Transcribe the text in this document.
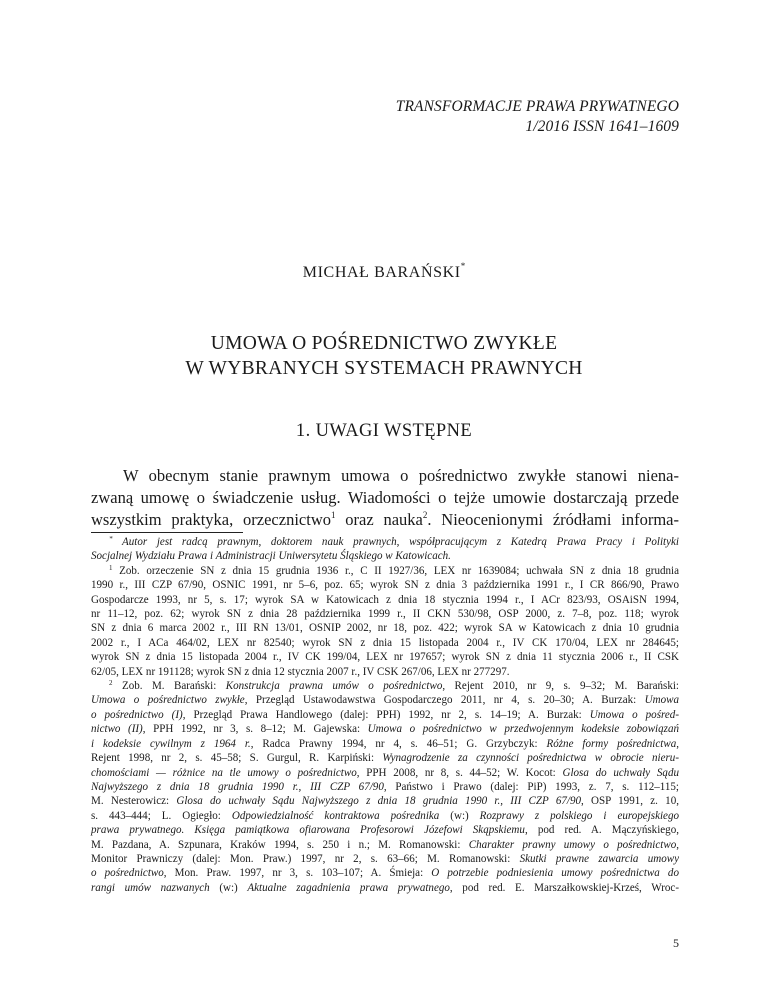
TRANSFORMACJE PRAWA PRYWATNEGO
1/2016 ISSN 1641–1609
MICHAŁ BARAŃSKI*
UMOWA O POŚREDNICTWO ZWYKŁE
W WYBRANYCH SYSTEMACH PRAWNYCH
1. UWAGI WSTĘPNE
W obecnym stanie prawnym umowa o pośrednictwo zwykłe stanowi niena-
zwaną umowę o świadczenie usług. Wiadomości o tejże umowie dostarczają przede
wszystkim praktyka, orzecznictwo$^1$ oraz nauka$^2$. Nieocenionymi źródłami informa-
* Autor jest radcą prawnym, doktorem nauk prawnych, współpracującym z Katedrą Prawa Pracy i Polityki
Socjalnej Wydziału Prawa i Administracji Uniwersytetu Śląskiego w Katowicach.
$^1$ Zob. orzeczenie SN z dnia 15 grudnia 1936 r., C II 1927/36, LEX nr 1639084; uchwała SN z dnia 18 grudnia
1990 r., III CZP 67/90, OSNIC 1991, nr 5–6, poz. 65; wyrok SN z dnia 3 października 1991 r., I CR 866/90, Prawo
Gospodarcze 1993, nr 5, s. 17; wyrok SA w Katowicach z dnia 18 stycznia 1994 r., I ACr 823/93, OSAiSN 1994,
nr 11–12, poz. 62; wyrok SN z dnia 28 października 1999 r., II CKN 530/98, OSP 2000, z. 7–8, poz. 118; wyrok
SN z dnia 6 marca 2002 r., III RN 13/01, OSNIP 2002, nr 18, poz. 422; wyrok SA w Katowicach z dnia 10 grudnia
2002 r., I ACa 464/02, LEX nr 82540; wyrok SN z dnia 15 listopada 2004 r., IV CK 170/04, LEX nr 284645;
wyrok SN z dnia 15 listopada 2004 r., IV CK 199/04, LEX nr 197657; wyrok SN z dnia 11 stycznia 2006 r., II CSK
62/05, LEX nr 191128; wyrok SN z dnia 12 stycznia 2007 r., IV CSK 267/06, LEX nr 277297.
$^2$ Zob. M. Barański: Konstrukcja prawna umów o pośrednictwo, Rejent 2010, nr 9, s. 9–32; M. Barański:
Umowa o pośrednictwo zwykłe, Przegląd Ustawodawstwa Gospodarczego 2011, nr 4, s. 20–30; A. Burzak: Umowa
o pośrednictwo (I), Przegląd Prawa Handlowego (dalej: PPH) 1992, nr 2, s. 14–19; A. Burzak: Umowa o pośred-
nictwo (II), PPH 1992, nr 3, s. 8–12; M. Gajewska: Umowa o pośrednictwo w przedwojennym kodeksie zobowiązań
i kodeksie cywilnym z 1964 r., Radca Prawny 1994, nr 4, s. 46–51; G. Grzybczyk: Różne formy pośrednictwa,
Rejent 1998, nr 2, s. 45–58; S. Gurgul, R. Karpiński: Wynagrodzenie za czynności pośrednictwa w obrocie nieru-
chomościami — różnice na tle umowy o pośrednictwo, PPH 2008, nr 8, s. 44–52; W. Kocot: Glosa do uchwały Sądu
Najwyższego z dnia 18 grudnia 1990 r., III CZP 67/90, Państwo i Prawo (dalej: PiP) 1993, z. 7, s. 112–115;
M. Nesterowicz: Glosa do uchwały Sądu Najwyższego z dnia 18 grudnia 1990 r., III CZP 67/90, OSP 1991, z. 10,
s. 443–444; L. Ogiegło: Odpowiedzialność kontraktowa pośrednika (w:) Rozprawy z polskiego i europejskiego
prawa prywatnego. Księga pamiątkowa ofiarowana Profesorowi Józefowi Skąpskiemu, pod red. A. Mączyńskiego,
M. Pazdana, A. Szpunara, Kraków 1994, s. 250 i n.; M. Romanowski: Charakter prawny umowy o pośrednictwo,
Monitor Prawniczy (dalej: Mon. Praw.) 1997, nr 2, s. 63–66; M. Romanowski: Skutki prawne zawarcia umowy
o pośrednictwo, Mon. Praw. 1997, nr 3, s. 103–107; A. Śmieja: O potrzebie podniesienia umowy pośrednictwa do
rangi umów nazwanych (w:) Aktualne zagadnienia prawa prywatnego, pod red. E. Marszałkowskiej-Krześ, Wroc-
5
